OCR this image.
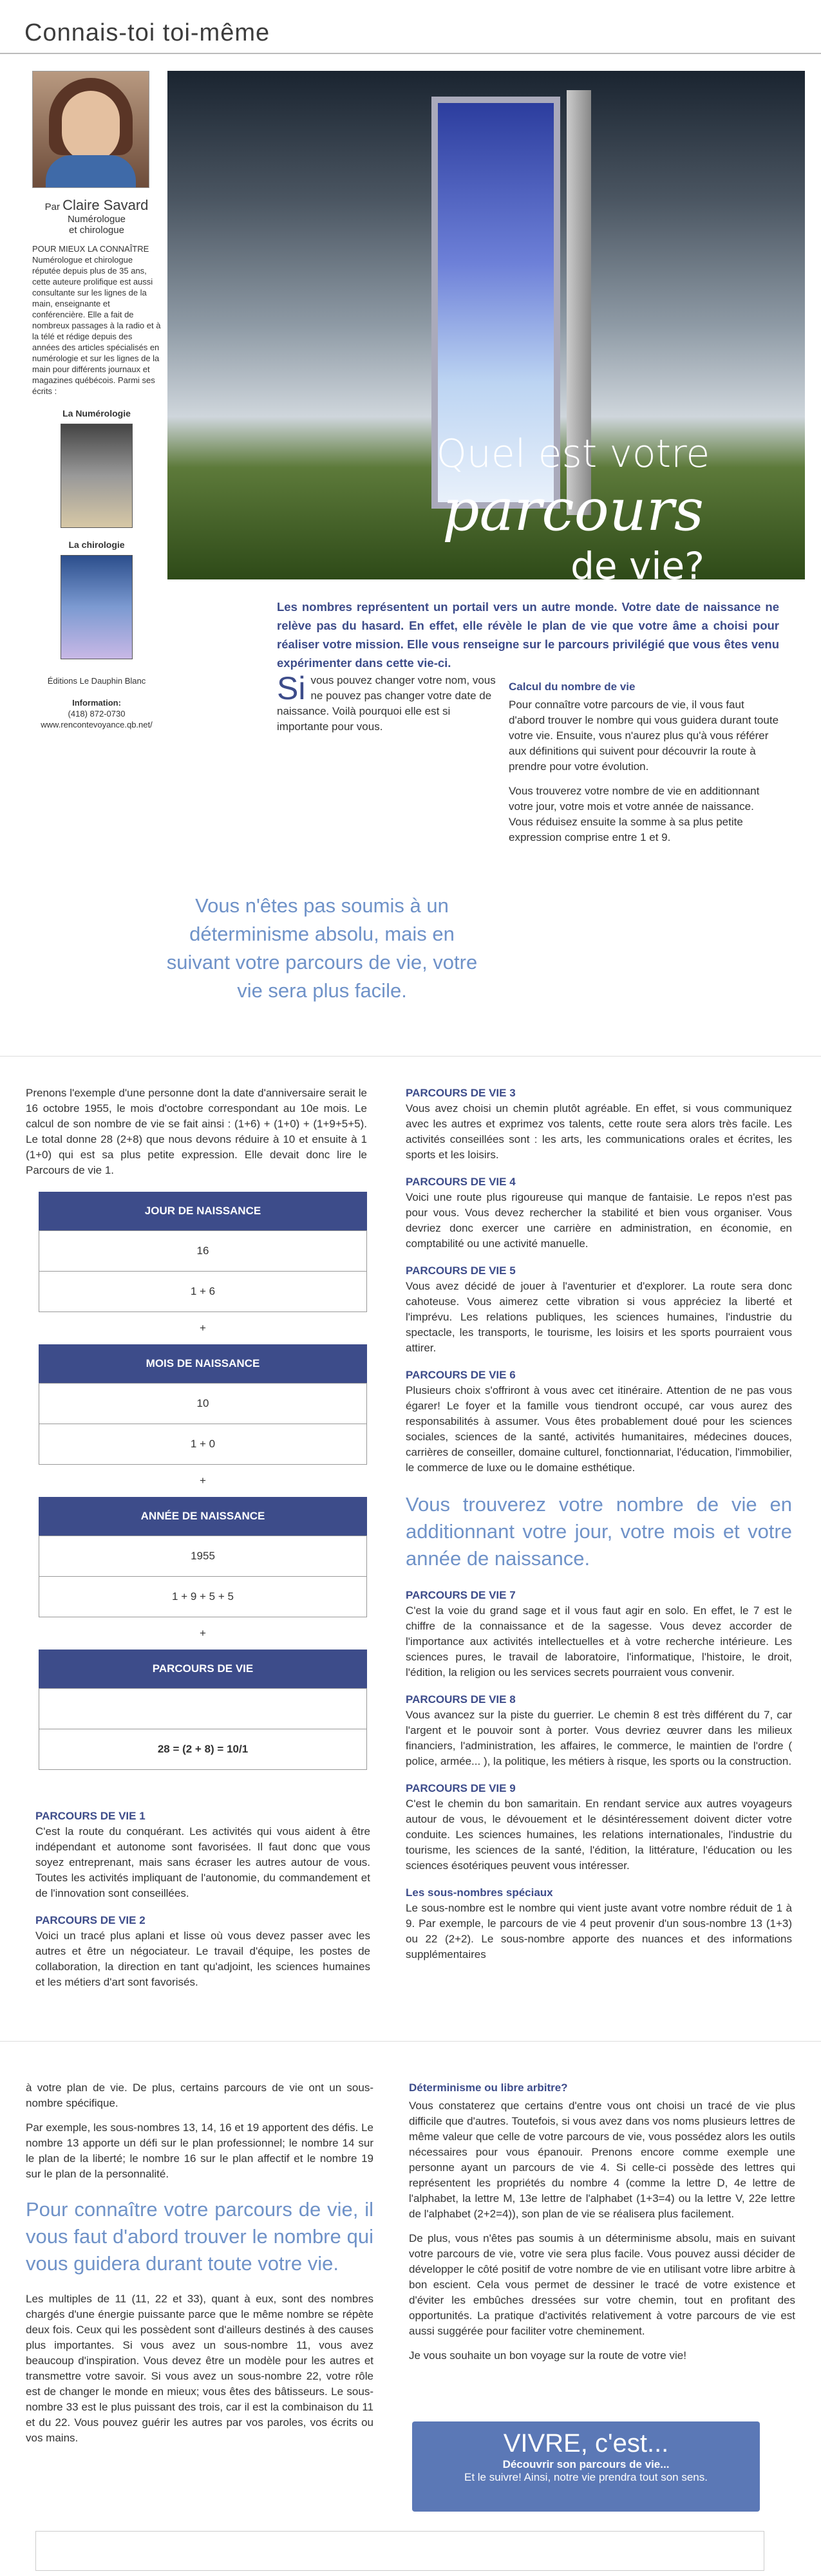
Connais-toi toi-même
Par Claire Savard
Numérologue
et chirologue
POUR MIEUX LA CONNAÎTRE Numérologue et chirologue réputée depuis plus de 35 ans, cette auteure prolifique est aussi consultante sur les lignes de la main, enseignante et conférencière. Elle a fait de nombreux passages à la radio et à la télé et rédige depuis des années des articles spécialisés en numérologie et sur les lignes de la main pour différents journaux et magazines québécois. Parmi ses écrits :
La Numérologie
La chirologie
Éditions Le Dauphin Blanc

Information:
(418) 872-0730
www.rencontevoyance.qb.net/
Quel est votre
parcours
de vie?
Les nombres représentent un portail vers un autre monde. Votre date de naissance ne relève pas du hasard. En effet, elle révèle le plan de vie que votre âme a choisi pour réaliser votre mission. Elle vous renseigne sur le parcours privilégié que vous êtes venu expérimenter dans cette vie-ci.
Si vous pouvez changer votre nom, vous ne pouvez pas changer votre date de naissance. Voilà pourquoi elle est si importante pour vous.
Calcul du nombre de vie

Pour connaître votre parcours de vie, il vous faut d'abord trouver le nombre qui vous guidera durant toute votre vie. Ensuite, vous n'aurez plus qu'à vous référer aux définitions qui suivent pour découvrir la route à prendre pour votre évolution.

Vous trouverez votre nombre de vie en additionnant votre jour, votre mois et votre année de naissance. Vous réduisez ensuite la somme à sa plus petite expression comprise entre 1 et 9.

Vous n'êtes pas soumis à un déterminisme absolu, mais en suivant votre parcours de vie, votre vie sera plus facile.
Prenons l'exemple d'une personne dont la date d'anniversaire serait le 16 octobre 1955, le mois d'octobre correspondant au 10e mois. Le calcul de son nombre de vie se fait ainsi : (1+6) + (1+0) + (1+9+5+5). Le total donne 28 (2+8) que nous devons réduire à 10 et ensuite à 1 (1+0) qui est sa plus petite expression. Elle devait donc lire le Parcours de vie 1.
JOUR DE NAISSANCE
16
1 + 6
+
MOIS DE NAISSANCE
10
1 + 0
+
ANNÉE DE NAISSANCE
1955
1 + 9 + 5 + 5
+
PARCOURS DE VIE
28 = (2 + 8) = 10/1
PARCOURS DE VIE 1
C'est la route du conquérant. Les activités qui vous aident à être indépendant et autonome sont favorisées. Il faut donc que vous soyez entreprenant, mais sans écraser les autres autour de vous. Toutes les activités impliquant de l'autonomie, du commandement et de l'innovation sont conseillées.
PARCOURS DE VIE 2
Voici un tracé plus aplani et lisse où vous devez passer avec les autres et être un négociateur. Le travail d'équipe, les postes de collaboration, la direction en tant qu'adjoint, les sciences humaines et les métiers d'art sont favorisés.
PARCOURS DE VIE 3
Vous avez choisi un chemin plutôt agréable. En effet, si vous communiquez avec les autres et exprimez vos talents, cette route sera alors très facile. Les activités conseillées sont : les arts, les communications orales et écrites, les sports et les loisirs.
PARCOURS DE VIE 4
Voici une route plus rigoureuse qui manque de fantaisie. Le repos n'est pas pour vous. Vous devez rechercher la stabilité et bien vous organiser. Vous devriez donc exercer une carrière en administration, en économie, en comptabilité ou une activité manuelle.
PARCOURS DE VIE 5
Vous avez décidé de jouer à l'aventurier et d'explorer. La route sera donc cahoteuse. Vous aimerez cette vibration si vous appréciez la liberté et l'imprévu. Les relations publiques, les sciences humaines, l'industrie du spectacle, les transports, le tourisme, les loisirs et les sports pourraient vous attirer.
PARCOURS DE VIE 6
Plusieurs choix s'offriront à vous avec cet itinéraire. Attention de ne pas vous égarer! Le foyer et la famille vous tiendront occupé, car vous aurez des responsabilités à assumer. Vous êtes probablement doué pour les sciences sociales, sciences de la santé, activités humanitaires, médecines douces, carrières de conseiller, domaine culturel, fonctionnariat, l'éducation, l'immobilier, le commerce de luxe ou le domaine esthétique.
Vous trouverez votre nombre de vie en additionnant votre jour, votre mois et votre année de naissance.
PARCOURS DE VIE 7
C'est la voie du grand sage et il vous faut agir en solo. En effet, le 7 est le chiffre de la connaissance et de la sagesse. Vous devez accorder de l'importance aux activités intellectuelles et à votre recherche intérieure. Les sciences pures, le travail de laboratoire, l'informatique, l'histoire, le droit, l'édition, la religion ou les services secrets pourraient vous convenir.
PARCOURS DE VIE 8
Vous avancez sur la piste du guerrier. Le chemin 8 est très différent du 7, car l'argent et le pouvoir sont à porter. Vous devriez œuvrer dans les milieux financiers, l'administration, les affaires, le commerce, le maintien de l'ordre ( police, armée... ), la politique, les métiers à risque, les sports ou la construction.
PARCOURS DE VIE 9
C'est le chemin du bon samaritain. En rendant service aux autres voyageurs autour de vous, le dévouement et le désintéressement doivent dicter votre conduite. Les sciences humaines, les relations internationales, l'industrie du tourisme, les sciences de la santé, l'édition, la littérature, l'éducation ou les sciences ésotériques peuvent vous intéresser.
Les sous-nombres spéciaux
Le sous-nombre est le nombre qui vient juste avant votre nombre réduit de 1 à 9. Par exemple, le parcours de vie 4 peut provenir d'un sous-nombre 13 (1+3) ou 22 (2+2). Le sous-nombre apporte des nuances et des informations supplémentaires

à votre plan de vie. De plus, certains parcours de vie ont un sous-nombre spécifique.

Par exemple, les sous-nombres 13, 14, 16 et 19 apportent des défis. Le nombre 13 apporte un défi sur le plan professionnel; le nombre 14 sur le plan de la liberté; le nombre 16 sur le plan affectif et le nombre 19 sur le plan de la personnalité.

Pour connaître votre parcours de vie, il vous faut d'abord trouver le nombre qui vous guidera durant toute votre vie.

Les multiples de 11 (11, 22 et 33), quant à eux, sont des nombres chargés d'une énergie puissante parce que le même nombre se répète deux fois. Ceux qui les possèdent sont d'ailleurs destinés à des causes plus importantes. Si vous avez un sous-nombre 11, vous avez beaucoup d'inspiration. Vous devez être un modèle pour les autres et transmettre votre savoir. Si vous avez un sous-nombre 22, votre rôle est de changer le monde en mieux; vous êtes des bâtisseurs. Le sous-nombre 33 est le plus puissant des trois, car il est la combinaison du 11 et du 22. Vous pouvez guérir les autres par vos paroles, vos écrits ou vos mains.

Déterminisme ou libre arbitre?

Vous constaterez que certains d'entre vous ont choisi un tracé de vie plus difficile que d'autres. Toutefois, si vous avez dans vos noms plusieurs lettres de même valeur que celle de votre parcours de vie, vous possédez alors les outils nécessaires pour vous épanouir. Prenons encore comme exemple une personne ayant un parcours de vie 4. Si celle-ci possède des lettres qui représentent les propriétés du nombre 4 (comme la lettre D, 4e lettre de l'alphabet, la lettre M, 13e lettre de l'alphabet (1+3=4) ou la lettre V, 22e lettre de l'alphabet (2+2=4)), son plan de vie se réalisera plus facilement.

De plus, vous n'êtes pas soumis à un déterminisme absolu, mais en suivant votre parcours de vie, votre vie sera plus facile. Vous pouvez aussi décider de développer le côté positif de votre nombre de vie en utilisant votre libre arbitre à bon escient. Cela vous permet de dessiner le tracé de votre existence et d'éviter les embûches dressées sur votre chemin, tout en profitant des opportunités. La pratique d'activités relativement à votre parcours de vie est aussi suggérée pour faciliter votre cheminement.

Je vous souhaite un bon voyage sur la route de votre vie!

VIVRE, c'est...
Découvrir son parcours de vie...
Et le suivre! Ainsi, notre vie prendra tout son sens.
